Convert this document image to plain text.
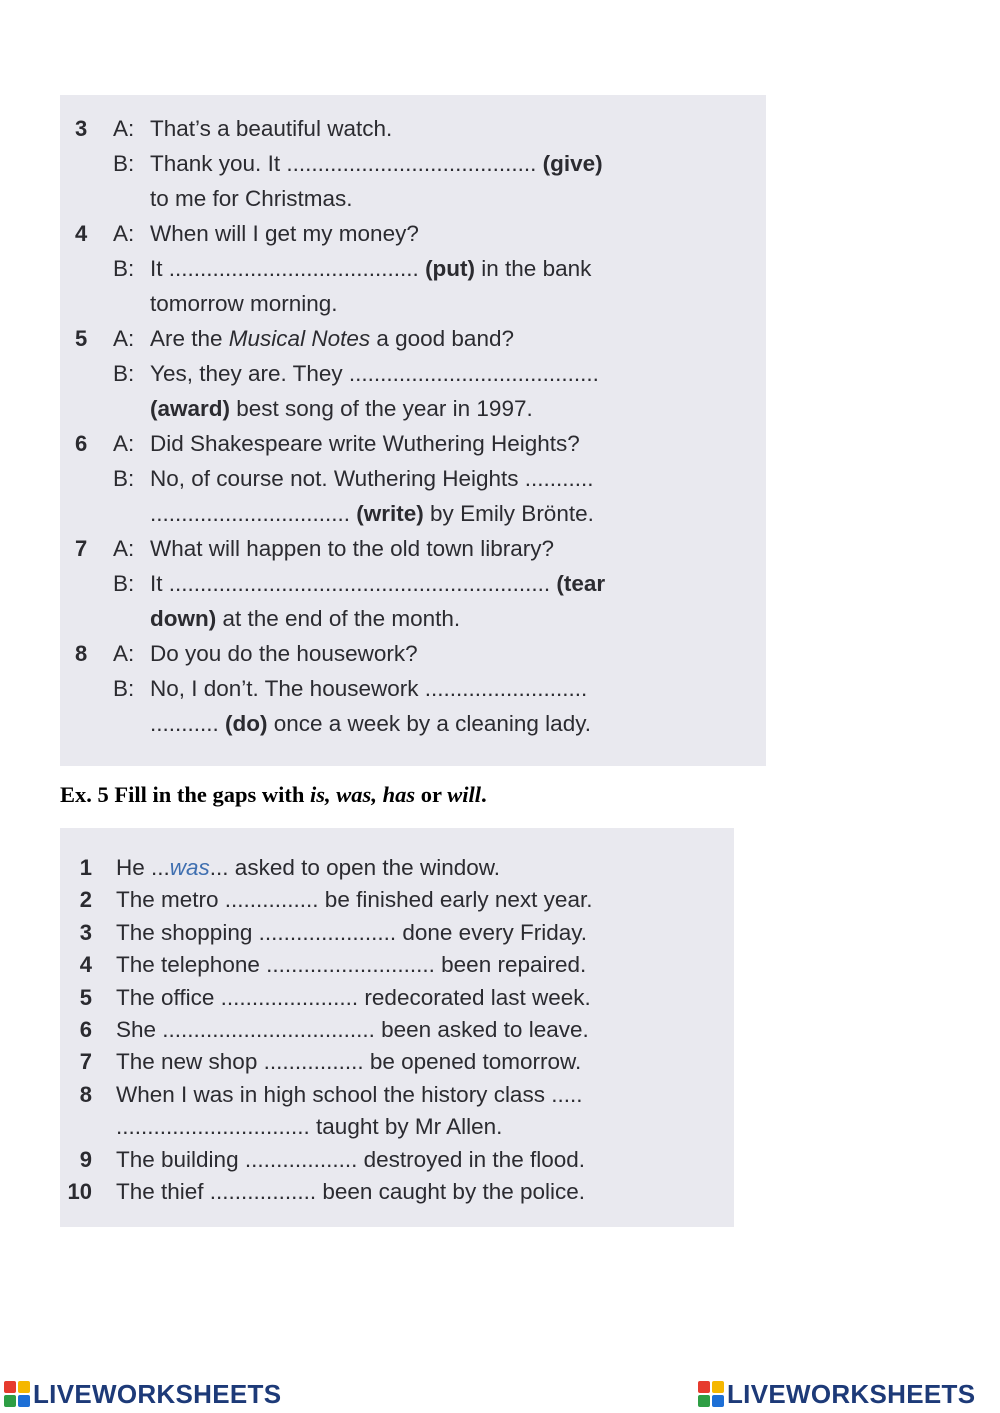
3 A: That’s a beautiful watch.
B: Thank you. It ........................................ (give)
to me for Christmas.
4 A: When will I get my money?
B: It ........................................ (put) in the bank
tomorrow morning.
5 A: Are the Musical Notes a good band?
B: Yes, they are. They ........................................
(award) best song of the year in 1997.
6 A: Did Shakespeare write Wuthering Heights?
B: No, of course not. Wuthering Heights ...........
................................ (write) by Emily Brönte.
7 A: What will happen to the old town library?
B: It ............................................................. (tear
down) at the end of the month.
8 A: Do you do the housework?
B: No, I don’t. The housework ..........................
........... (do) once a week by a cleaning lady.
1 He ...was... asked to open the window.
2 The metro ............... be finished early next year.
3 The shopping ...................... done every Friday.
4 The telephone ........................... been repaired.
5 The office ...................... redecorated last week.
6 She .................................. been asked to leave.
7 The new shop ................ be opened tomorrow.
8 When I was in high school the history class .....
............................... taught by Mr Allen.
9 The building .................. destroyed in the flood.
10 The thief ................. been caught by the police.
Ex. 5 Fill in the gaps with is, was, has or will.
LIVEWORKSHEETS	LIVEWORKSHEETS
